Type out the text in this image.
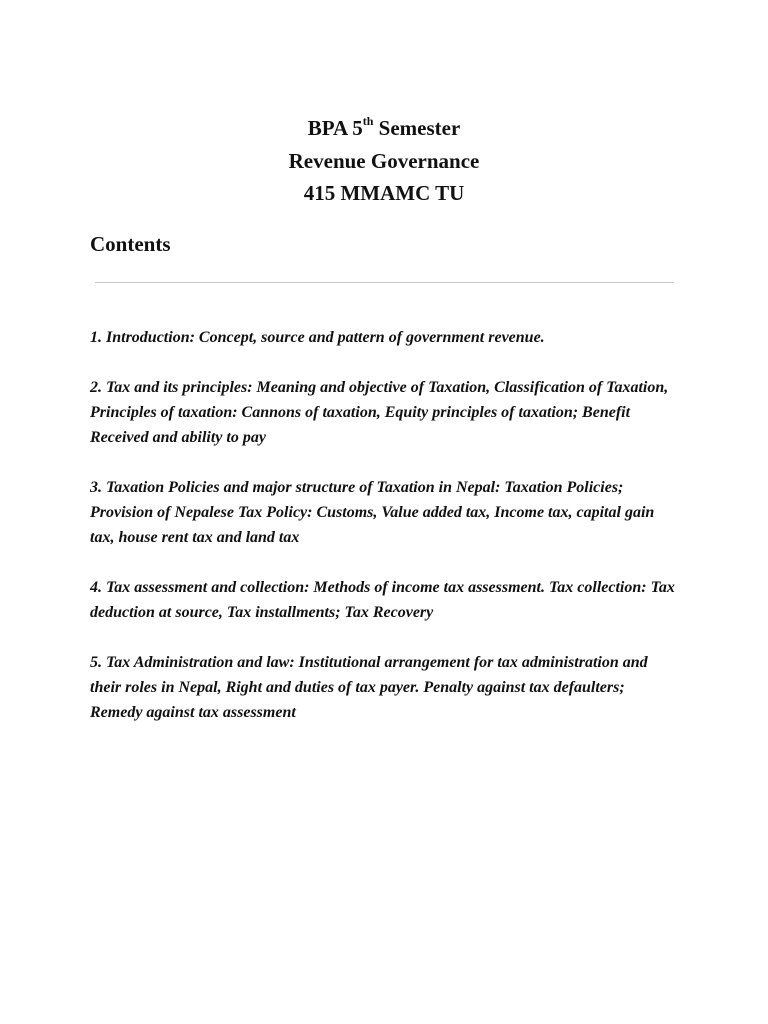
BPA 5th Semester
Revenue Governance
415 MMAMC TU
Contents

1. Introduction: Concept, source and pattern of government revenue.

2. Tax and its principles: Meaning and objective of Taxation, Classification of Taxation, Principles of taxation: Cannons of taxation, Equity principles of taxation; Benefit Received and ability to pay

3. Taxation Policies and major structure of Taxation in Nepal: Taxation Policies; Provision of Nepalese Tax Policy: Customs, Value added tax, Income tax, capital gain tax, house rent tax and land tax

4. Tax assessment and collection: Methods of income tax assessment. Tax collection: Tax deduction at source, Tax installments; Tax Recovery

5. Tax Administration and law: Institutional arrangement for tax administration and their roles in Nepal, Right and duties of tax payer. Penalty against tax defaulters; Remedy against tax assessment
